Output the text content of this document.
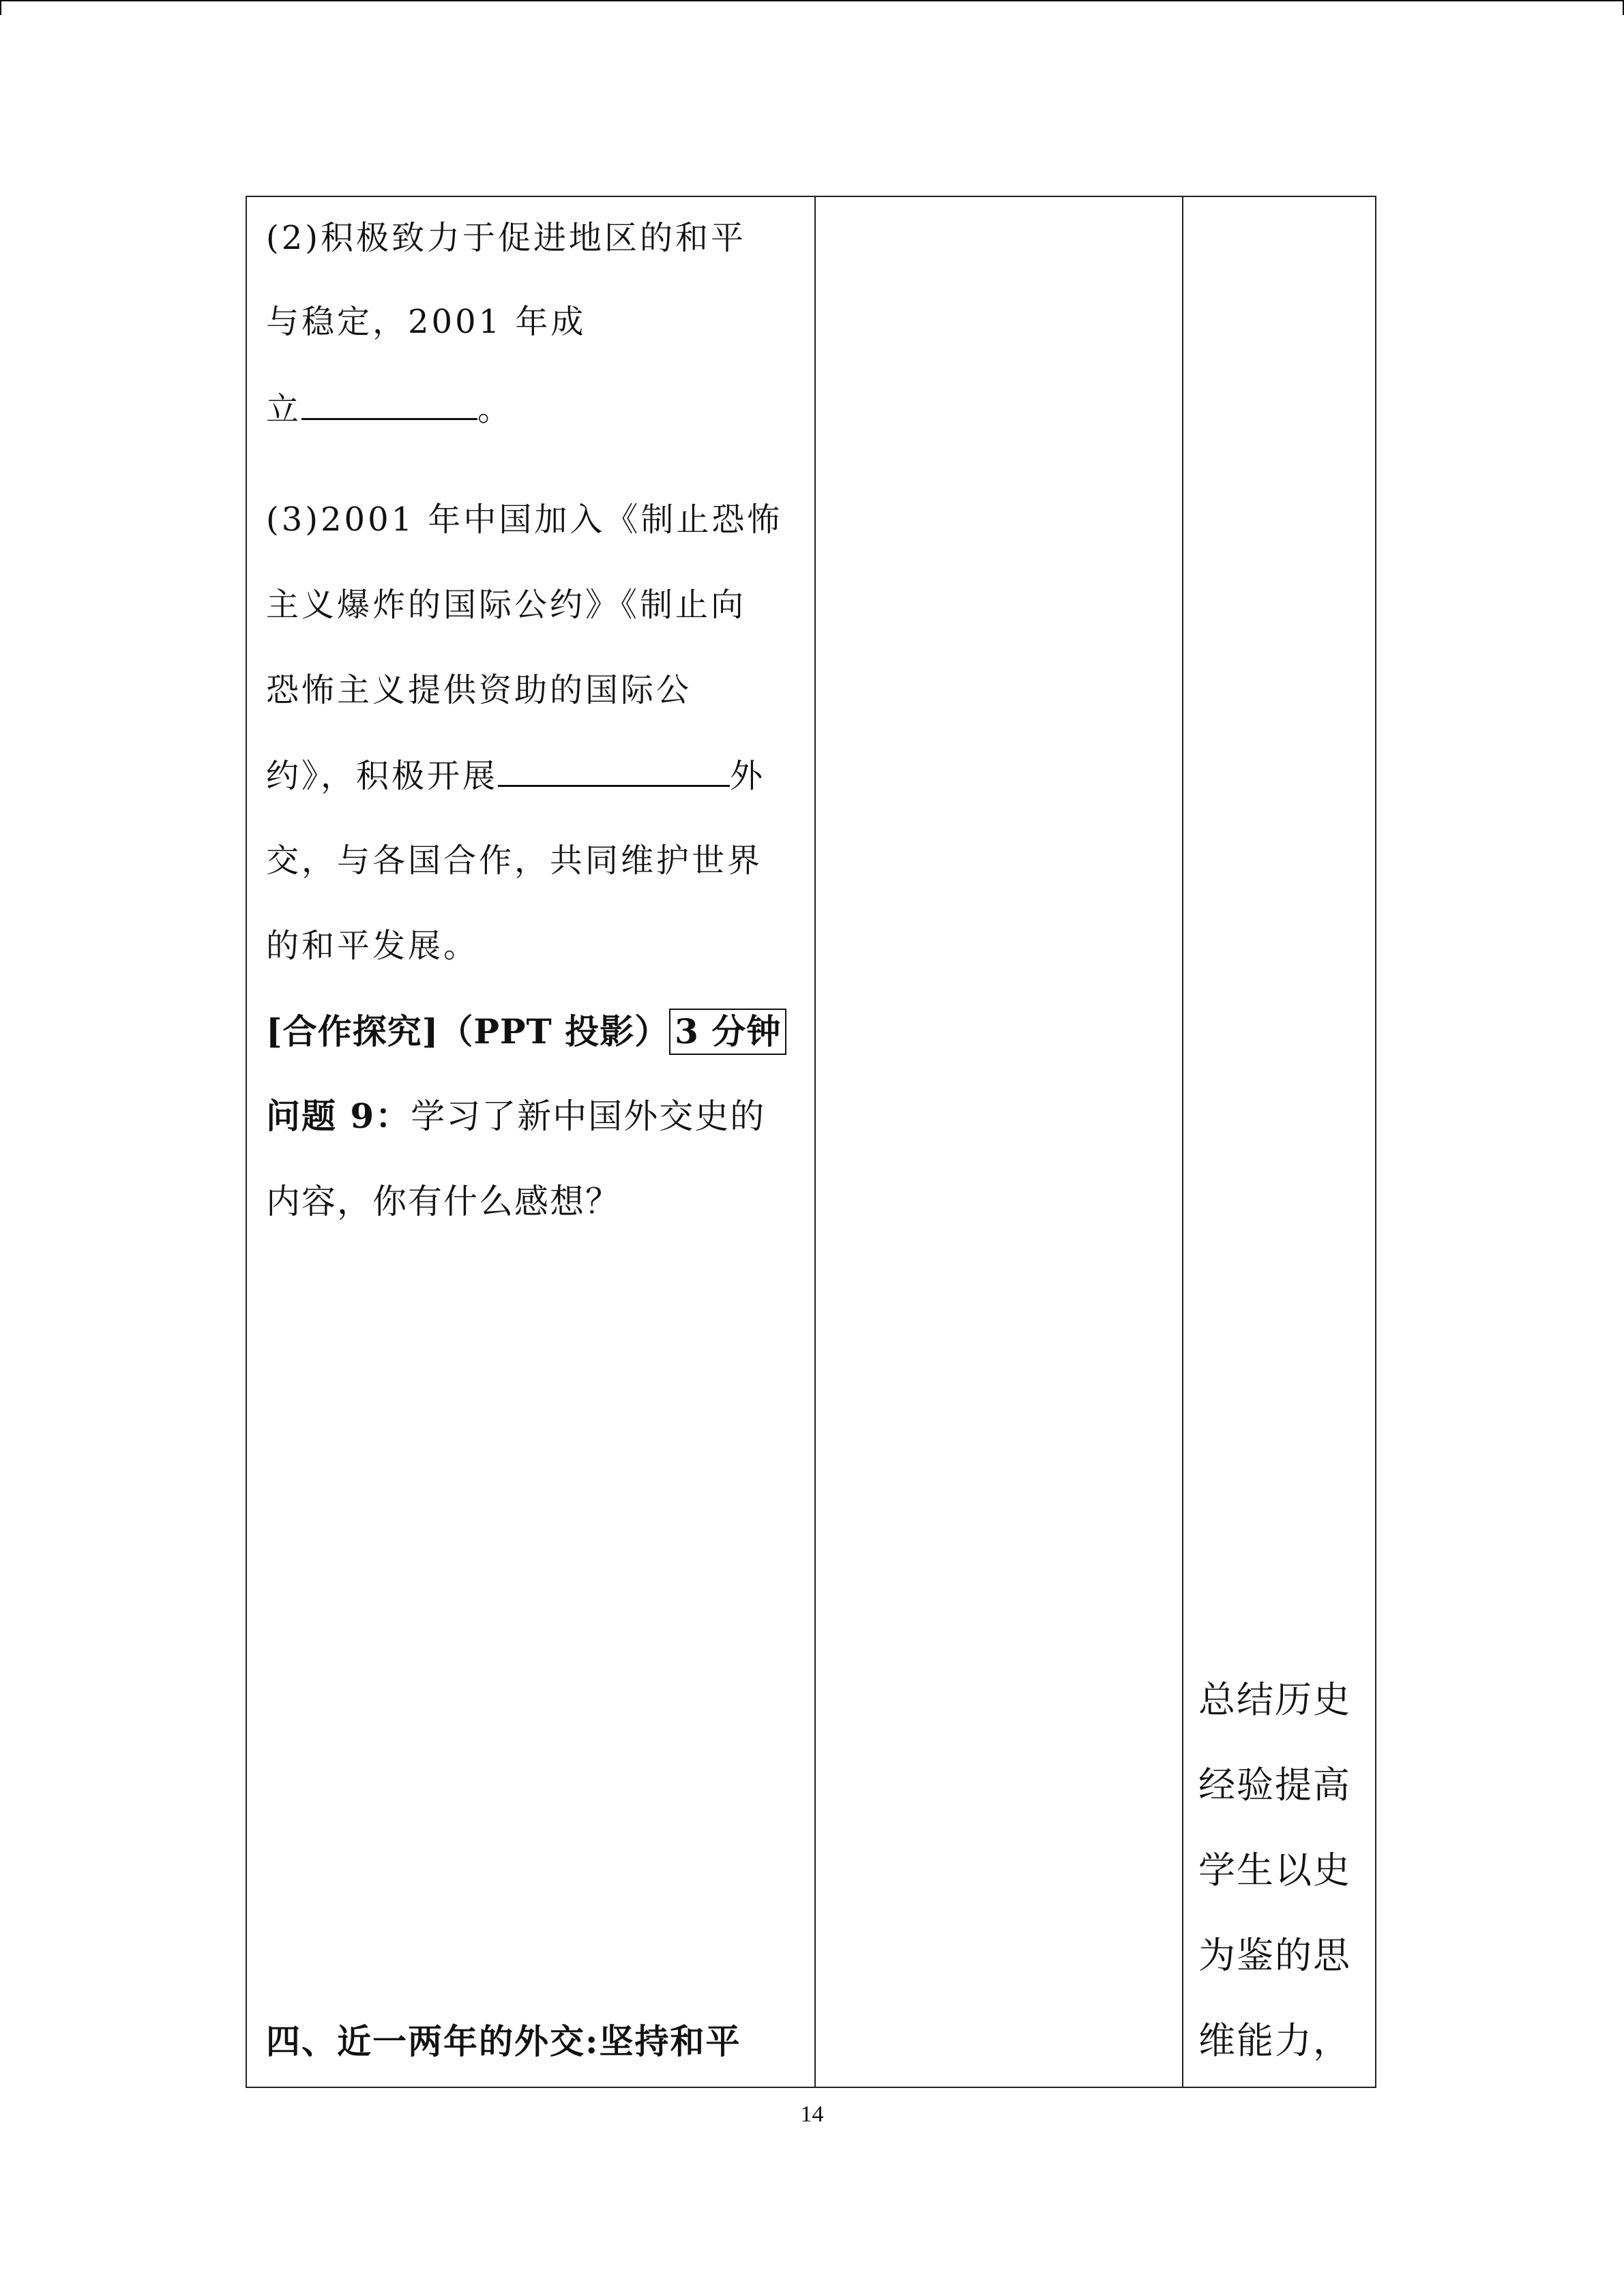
(2)积极致力于促进地区的和平
与稳定，2001 年成
立	。
(3)2001 年中国加入《制止恐怖
主义爆炸的国际公约》《制止向
恐怖主义提供资助的国际公
约》，积极开展	外
交，与各国合作，共同维护世界
的和平发展。
[合作探究]（PPT 投影） 3 分钟
问题 9：学习了新中国外交史的
内容，你有什么感想？
四、近一两年的外交:坚持和平
总结历史
经验提高
学生以史
为鉴的思
维能力，
14
